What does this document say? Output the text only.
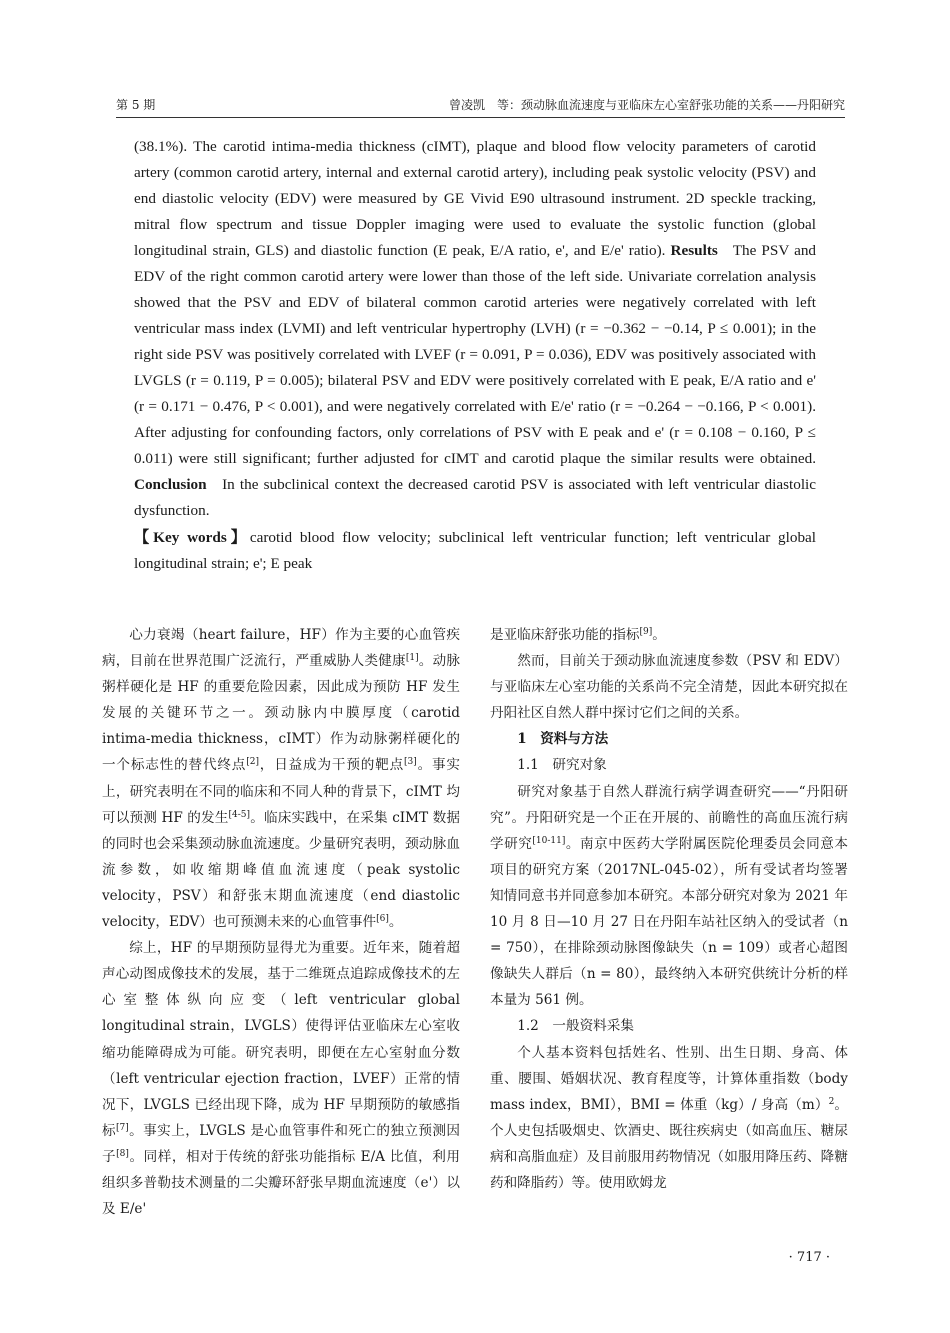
第 5 期	曾凌凯　等：颈动脉血流速度与亚临床左心室舒张功能的关系——丹阳研究
(38.1%). The carotid intima-media thickness (cIMT), plaque and blood flow velocity parameters of carotid artery (common carotid artery, internal and external carotid artery), including peak systolic velocity (PSV) and end diastolic velocity (EDV) were measured by GE Vivid E90 ultrasound instrument. 2D speckle tracking, mitral flow spectrum and tissue Doppler imaging were used to evaluate the systolic function (global longitudinal strain, GLS) and diastolic function (E peak, E/A ratio, e', and E/e' ratio). Results The PSV and EDV of the right common carotid artery were lower than those of the left side. Univariate correlation analysis showed that the PSV and EDV of bilateral common carotid arteries were negatively correlated with left ventricular mass index (LVMI) and left ventricular hypertrophy (LVH) (r = −0.362 − −0.14, P ≤ 0.001); in the right side PSV was positively correlated with LVEF (r = 0.091, P = 0.036), EDV was positively associated with LVGLS (r = 0.119, P = 0.005); bilateral PSV and EDV were positively correlated with E peak, E/A ratio and e' (r = 0.171 − 0.476, P < 0.001), and were negatively correlated with E/e' ratio (r = −0.264 − −0.166, P < 0.001). After adjusting for confounding factors, only correlations of PSV with E peak and e' (r = 0.108 − 0.160, P ≤ 0.011) were still significant; further adjusted for cIMT and carotid plaque the similar results were obtained. Conclusion In the subclinical context the decreased carotid PSV is associated with left ventricular diastolic dysfunction.
【Key words】carotid blood flow velocity; subclinical left ventricular function; left ventricular global longitudinal strain; e'; E peak

心力衰竭（heart failure，HF）作为主要的心血管疾病，目前在世界范围广泛流行，严重威胁人类健康[1]。动脉粥样硬化是 HF 的重要危险因素，因此成为预防 HF 发生发展的关键环节之一。颈动脉内中膜厚度（carotid intima-media thickness，cIMT）作为动脉粥样硬化的一个标志性的替代终点[2]，日益成为干预的靶点[3]。事实上，研究表明在不同的临床和不同人种的背景下，cIMT 均可以预测 HF 的发生[4-5]。临床实践中，在采集 cIMT 数据的同时也会采集颈动脉血流速度。少量研究表明，颈动脉血流参数，如收缩期峰值血流速度（peak systolic velocity，PSV）和舒张末期血流速度（end diastolic velocity，EDV）也可预测未来的心血管事件[6]。

综上，HF 的早期预防显得尤为重要。近年来，随着超声心动图成像技术的发展，基于二维斑点追踪成像技术的左心室整体纵向应变（left ventricular global longitudinal strain，LVGLS）使得评估亚临床左心室收缩功能障碍成为可能。研究表明，即便在左心室射血分数（left ventricular ejection fraction，LVEF）正常的情况下，LVGLS 已经出现下降，成为 HF 早期预防的敏感指标[7]。事实上，LVGLS 是心血管事件和死亡的独立预测因子[8]。同样，相对于传统的舒张功能指标 E/A 比值，利用组织多普勒技术测量的二尖瓣环舒张早期血流速度（e'）以及 E/e'

是亚临床舒张功能的指标[9]。

然而，目前关于颈动脉血流速度参数（PSV 和 EDV）与亚临床左心室功能的关系尚不完全清楚，因此本研究拟在丹阳社区自然人群中探讨它们之间的关系。

1　资料与方法

1.1　研究对象

研究对象基于自然人群流行病学调查研究——“丹阳研究”。丹阳研究是一个正在开展的、前瞻性的高血压流行病学研究[10-11]。南京中医药大学附属医院伦理委员会同意本项目的研究方案（2017NL-045-02），所有受试者均签署知情同意书并同意参加本研究。本部分研究对象为 2021 年 10 月 8 日—10 月 27 日在丹阳车站社区纳入的受试者（n = 750），在排除颈动脉图像缺失（n = 109）或者心超图像缺失人群后（n = 80），最终纳入本研究供统计分析的样本量为 561 例。

1.2　一般资料采集

个人基本资料包括姓名、性别、出生日期、身高、体重、腰围、婚姻状况、教育程度等，计算体重指数（body mass index，BMI），BMI = 体重（kg）/ 身高$(m)^2$。个人史包括吸烟史、饮酒史、既往疾病史（如高血压、糖尿病和高脂血症）及目前服用药物情况（如服用降压药、降糖药和降脂药）等。使用欧姆龙

· 717 ·
